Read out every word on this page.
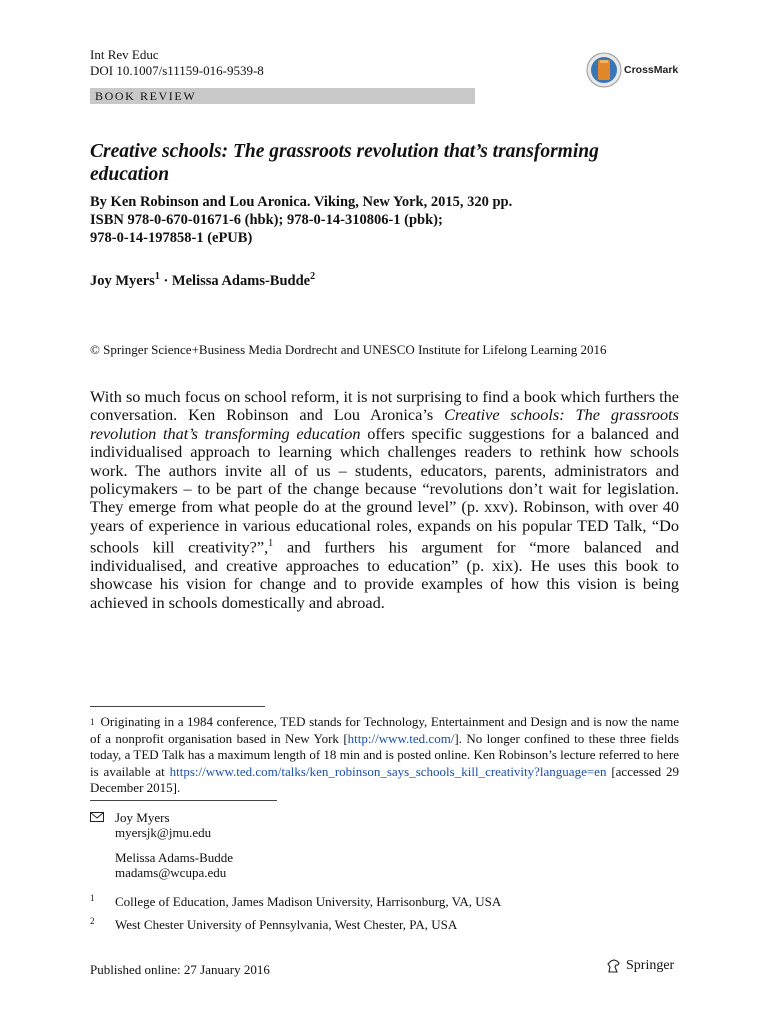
Int Rev Educ
DOI 10.1007/s11159-016-9539-8	CrossMark
BOOK REVIEW
Creative schools: The grassroots revolution that’s transforming education
By Ken Robinson and Lou Aronica. Viking, New York, 2015, 320 pp.
ISBN 978-0-670-01671-6 (hbk); 978-0-14-310806-1 (pbk);
978-0-14-197858-1 (ePUB)
Joy Myers$^1$ · Melissa Adams-Budde$^2$
© Springer Science+Business Media Dordrecht and UNESCO Institute for Lifelong Learning 2016

With so much focus on school reform, it is not surprising to find a book which furthers the conversation. Ken Robinson and Lou Aronica’s Creative schools: The grassroots revolution that’s transforming education offers specific suggestions for a balanced and individualised approach to learning which challenges readers to rethink how schools work. The authors invite all of us – students, educators, parents, administrators and policymakers – to be part of the change because “revolutions don’t wait for legislation. They emerge from what people do at the ground level” (p. xxv). Robinson, with over 40 years of experience in various educational roles, expands on his popular TED Talk, “Do schools kill creativity?”,$^1$ and furthers his argument for “more balanced and individualised, and creative approaches to education” (p. xix). He uses this book to showcase his vision for change and to provide examples of how this vision is being achieved in schools domestically and abroad.

$^1$ Originating in a 1984 conference, TED stands for Technology, Entertainment and Design and is now the name of a nonprofit organisation based in New York [http://www.ted.com/]. No longer confined to these three fields today, a TED Talk has a maximum length of 18 min and is posted online. Ken Robinson’s lecture referred to here is available at https://www.ted.com/talks/ken_robinson_says_schools_kill_creativity?language=en [accessed 29 December 2015].

Joy Myers
myersjk@jmu.edu
Melissa Adams-Budde
madams@wcupa.edu
1 College of Education, James Madison University, Harrisonburg, VA, USA
2 West Chester University of Pennsylvania, West Chester, PA, USA
Published online: 27 January 2016	Springer
